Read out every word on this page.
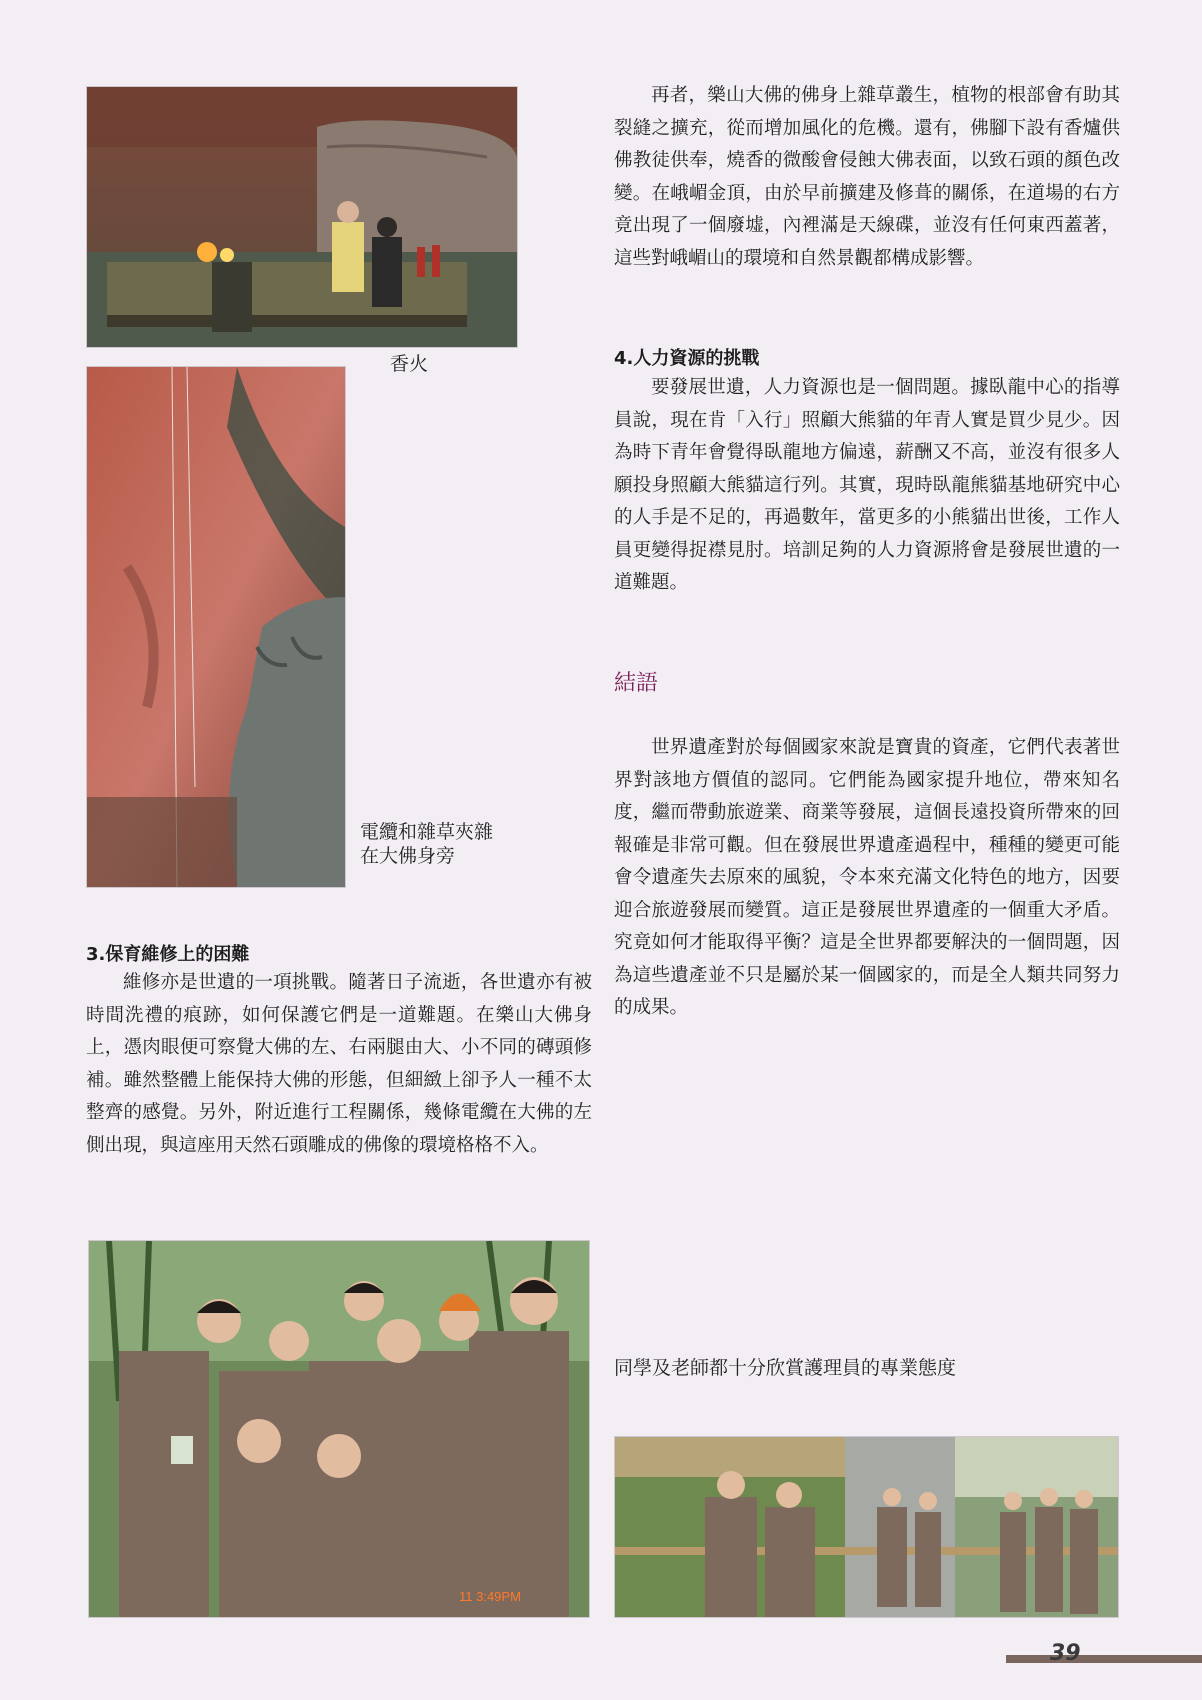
香火
電纜和雜草夾雜
在大佛身旁
3.保育維修上的困難
維修亦是世遺的一項挑戰。隨著日子流逝，各世遺亦有被時間洗禮的痕跡，如何保護它們是一道難題。在樂山大佛身上，憑肉眼便可察覺大佛的左、右兩腿由大、小不同的磚頭修補。雖然整體上能保持大佛的形態，但細緻上卻予人一種不太整齊的感覺。另外，附近進行工程關係，幾條電纜在大佛的左側出現，與這座用天然石頭雕成的佛像的環境格格不入。
再者，樂山大佛的佛身上雜草叢生，植物的根部會有助其裂縫之擴充，從而增加風化的危機。還有，佛腳下設有香爐供佛教徒供奉，燒香的微酸會侵蝕大佛表面，以致石頭的顏色改變。在峨嵋金頂，由於早前擴建及修葺的關係，在道場的右方竟出現了一個廢墟，內裡滿是天線碟，並沒有任何東西蓋著，這些對峨嵋山的環境和自然景觀都構成影響。
4.人力資源的挑戰
要發展世遺，人力資源也是一個問題。據臥龍中心的指導員說，現在肯「入行」照顧大熊貓的年青人實是買少見少。因為時下青年會覺得臥龍地方偏遠，薪酬又不高，並沒有很多人願投身照顧大熊貓這行列。其實，現時臥龍熊貓基地研究中心的人手是不足的，再過數年，當更多的小熊貓出世後，工作人員更變得捉襟見肘。培訓足夠的人力資源將會是發展世遺的一道難題。
結語
世界遺產對於每個國家來說是寶貴的資產，它們代表著世界對該地方價值的認同。它們能為國家提升地位，帶來知名度，繼而帶動旅遊業、商業等發展，這個長遠投資所帶來的回報確是非常可觀。但在發展世界遺產過程中，種種的變更可能會令遺產失去原來的風貌，令本來充滿文化特色的地方，因要迎合旅遊發展而變質。這正是發展世界遺產的一個重大矛盾。究竟如何才能取得平衡？這是全世界都要解決的一個問題，因為這些遺產並不只是屬於某一個國家的，而是全人類共同努力的成果。
11 3:49PM
同學及老師都十分欣賞護理員的專業態度
39
